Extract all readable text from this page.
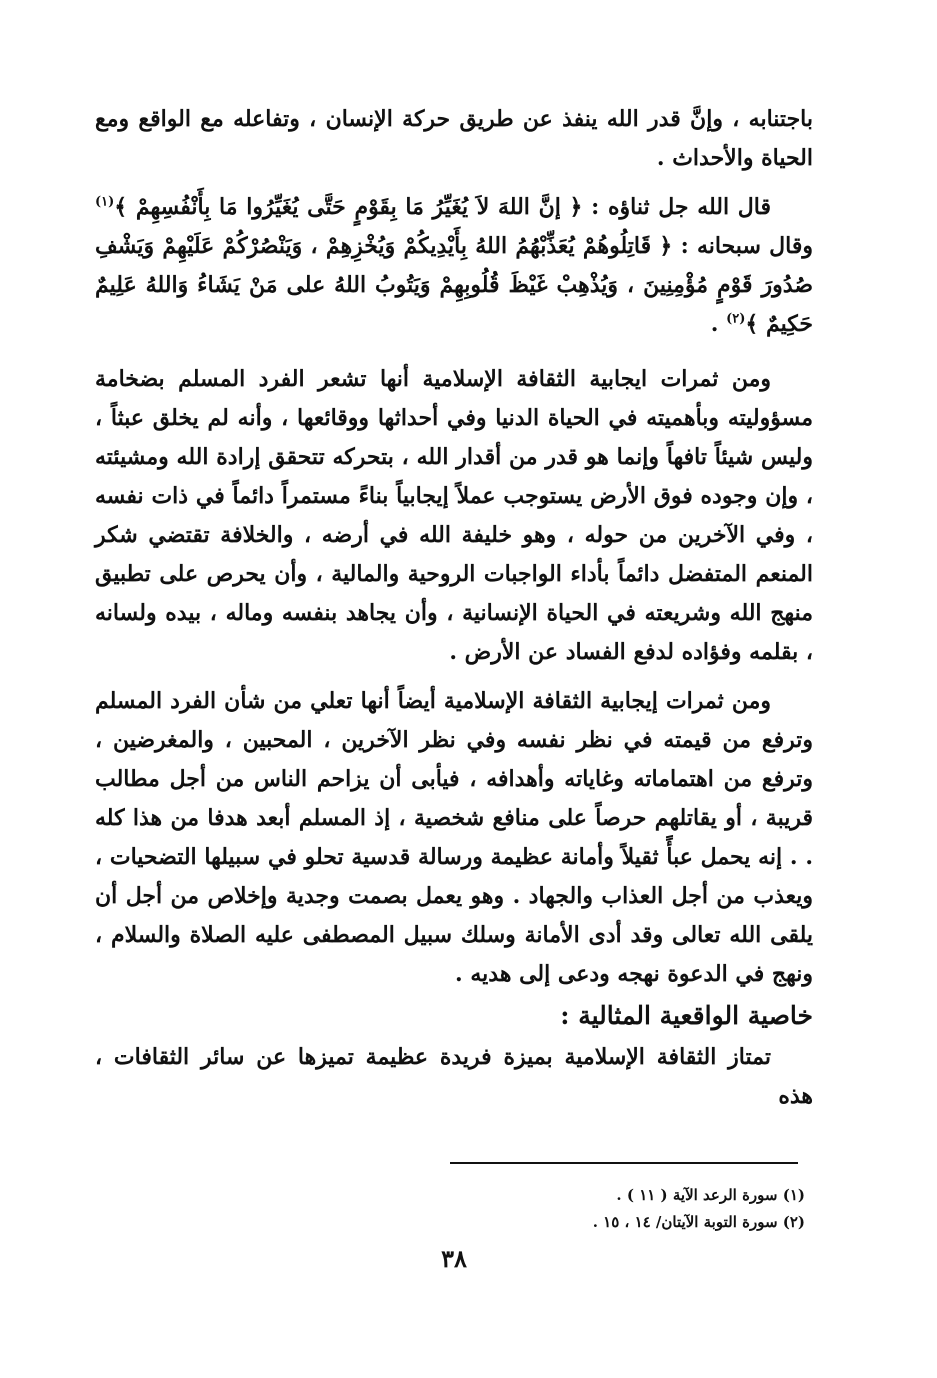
باجتنابه ، وإنَّ قدر الله ينفذ عن طريق حركة الإنسان ، وتفاعله مع الواقع ومع الحياة والأحداث .

قال الله جل ثناؤه : ﴿ إنَّ اللهَ لاَ يُغَيِّرُ مَا بِقَوْمٍ حَتَّى يُغَيِّرُوا مَا بِأَنْفُسِهِمْ ﴾$^{(١)}$ وقال سبحانه : ﴿ قَاتِلُوهُمْ يُعَذِّبْهُمُ اللهُ بِأَيْدِيكُمْ وَيُخْزِهِمْ ، وَيَنْصُرْكُمْ عَلَيْهِمْ وَيَشْفِ صُدُورَ قَوْمٍ مُؤْمِنِينَ ، وَيُذْهِبْ غَيْظَ قُلُوبِهِمْ وَيَتُوبُ اللهُ على مَنْ يَشَاءُ وَاللهُ عَلِيمٌ حَكِيمٌ ﴾$^{(٢)}$ .

ومن ثمرات ايجابية الثقافة الإسلامية أنها تشعر الفرد المسلم بضخامة مسؤوليته وبأهميته في الحياة الدنيا وفي أحداثها ووقائعها ، وأنه لم يخلق عبثاً ، وليس شيئاً تافهاً وإنما هو قدر من أقدار الله ، بتحركه تتحقق إرادة الله ومشيئته ، وإن وجوده فوق الأرض يستوجب عملاً إيجابياً بناءً مستمراً دائماً في ذات نفسه ، وفي الآخرين من حوله ، وهو خليفة الله في أرضه ، والخلافة تقتضي شكر المنعم المتفضل دائماً بأداء الواجبات الروحية والمالية ، وأن يحرص على تطبيق منهج الله وشريعته في الحياة الإنسانية ، وأن يجاهد بنفسه وماله ، بيده ولسانه ، بقلمه وفؤاده لدفع الفساد عن الأرض .

ومن ثمرات إيجابية الثقافة الإسلامية أيضاً أنها تعلي من شأن الفرد المسلم وترفع من قيمته في نظر نفسه وفي نظر الآخرين ، المحبين ، والمغرضين ، وترفع من اهتماماته وغاياته وأهدافه ، فيأبى أن يزاحم الناس من أجل مطالب قريبة ، أو يقاتلهم حرصاً على منافع شخصية ، إذ المسلم أبعد هدفا من هذا كله . . إنه يحمل عبأً ثقيلاً وأمانة عظيمة ورسالة قدسية تحلو في سبيلها التضحيات ، ويعذب من أجل العذاب والجهاد . وهو يعمل بصمت وجدية وإخلاص من أجل أن يلقى الله تعالى وقد أدى الأمانة وسلك سبيل المصطفى عليه الصلاة والسلام ، ونهج في الدعوة نهجه ودعى إلى هديه .

خاصية الواقعية المثالية :

تمتاز الثقافة الإسلامية بميزة فريدة عظيمة تميزها عن سائر الثقافات ، هذه

(١) سورة الرعد الآية ( ١١ ) .

(٢) سورة التوبة الآيتان/ ١٤ ، ١٥ .

٣٨
